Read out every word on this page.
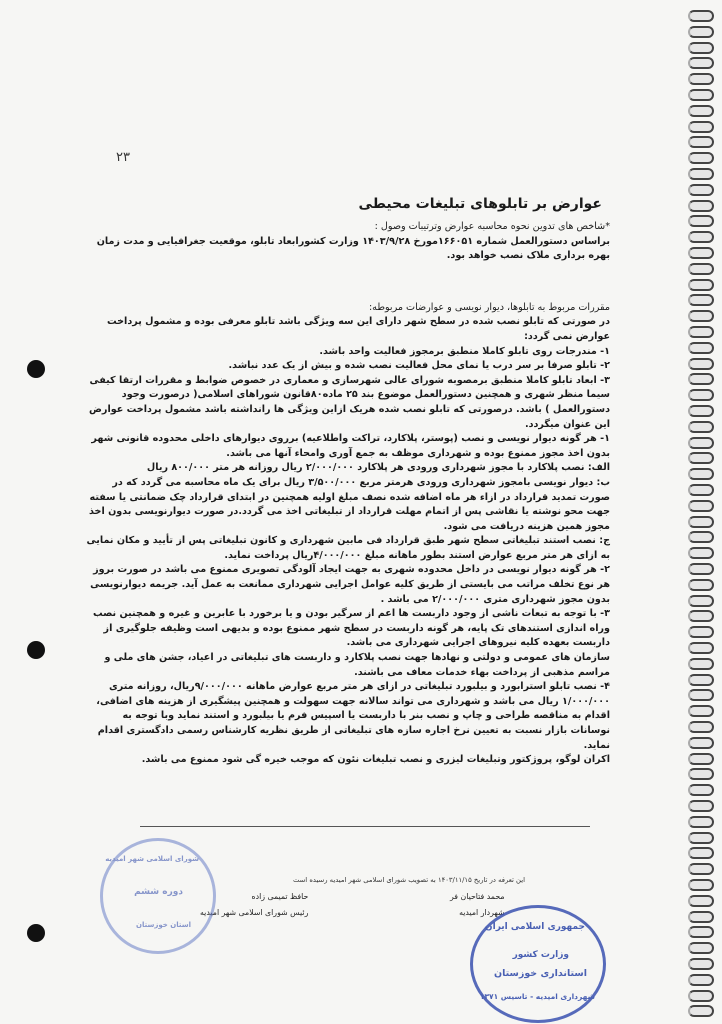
۲۳
عوارض بر تابلوهای تبلیغات محیطی

*شاخص های تدوین نحوه محاسبه عوارض وترتیبات وصول :

براساس دستورالعمل شماره ۱۶۶۰۵۱مورخ ۱۴۰۳/۹/۲۸ وزارت کشورابعاد تابلو، موقعیت جغرافیایی و مدت زمان بهره برداری ملاک نصب خواهد بود.

مقررات مربوط به تابلوها، دیوار نویسی و عوارضات مربوطه:

در صورتی که تابلو نصب شده در سطح شهر دارای این سه ویژگی باشد تابلو معرفی بوده و مشمول پرداخت عوارض نمی گردد:

۱- مندرجات روی تابلو کاملا منطبق برمجوز فعالیت واحد باشد.

۲- تابلو صرفا بر سر درب یا نمای محل فعالیت نصب شده و بیش از یک عدد نباشد.

۳- ابعاد تابلو کاملا منطبق برمصوبه شورای عالی شهرسازی و معماری در خصوص ضوابط و مقررات ارتقا کیفی سیما منظر شهری و همچنین دستورالعمل موضوع بند ۲۵ ماده۸۰قانون شوراهای اسلامی( درصورت وجود دستورالعمل ) باشد. درصورتی که تابلو نصب شده هریک ازاین ویژگی ها رانداشته باشد مشمول پرداخت عوارض این عنوان میگردد.

۱- هر گونه دیوار نویسی و نصب (پوستر، پلاکارد، تراکت واطلاعیه) برروی دیوارهای داخلی محدوده قانونی شهر بدون اخذ مجوز ممنوع بوده و شهرداری موظف به جمع آوری وامحاء آنها می باشد.

الف: نصب پلاکارد با مجوز شهرداری ورودی هر پلاکارد ۲/۰۰۰/۰۰۰ ریال روزانه هر متر ۸۰۰/۰۰۰ ریال

ب: دیوار نویسی بامجوز شهرداری ورودی هرمتر مربع ۳/۵۰۰/۰۰۰ ریال برای یک ماه محاسبه می گردد که در صورت تمدید قرارداد در ازاء هر ماه اضافه شده نصف مبلغ اولیه همچنین در ابتدای قرارداد چک ضمانتی یا سفته جهت محو نوشته یا نقاشی پس از اتمام مهلت قرارداد از تبلیغاتی اخذ می گردد.در صورت دیوارنویسی بدون اخذ مجوز همین هزینه دریافت می شود.

ج: نصب استند تبلیغاتی سطح شهر طبق قرارداد فی مابین شهرداری و کانون تبلیغاتی پس از تأیید و مکان نمایی به ازای هر متر مربع عوارض استند بطور ماهانه مبلغ ۴/۰۰۰/۰۰۰ریال پرداخت نماید.

۲- هر گونه دیوار نویسی در داخل محدوده شهری به جهت ایجاد آلودگی تصویری ممنوع می باشد در صورت بروز هر نوع تخلف مراتب می بایستی از طریق کلیه عوامل اجرایی شهرداری ممانعت به عمل آید. جریمه دیوارنویسی بدون مجوز شهرداری متری ۲/۰۰۰/۰۰۰ می باشد .

۳- با توجه به تبعات ناشی از وجود داربست ها اعم از سرگیر بودن و یا برخورد با عابرین و غیره و همچنین نصب وراه اندازی استندهای تک پایه، هر گونه داربست در سطح شهر ممنوع بوده و بدیهی است وظیفه جلوگیری از داربست بعهده کلیه نیروهای اجرایی شهرداری می باشد.

سازمان های عمومی و دولتی و نهادها جهت نصب پلاکارد و داربست های تبلیغاتی در اعیاد، جشن های ملی و مراسم مذهبی از پرداخت بهاء خدمات معاف می باشند.

۴- نصب تابلو استرابورد و بیلبورد تبلیغاتی در ازای هر متر مربع عوارض ماهانه ۹/۰۰۰/۰۰۰ریال، روزانه متری ۱/۰۰۰/۰۰۰ ریال می باشد و شهرداری می تواند سالانه جهت سهولت و همچنین پیشگیری از هزینه های اضافی، اقدام به مناقصه طراحی و چاپ و نصب بنر با داربست یا اسپیس فرم یا بیلبورد و استند نماید وبا توجه به نوسانات بازار نسبت به تعیین نرخ اجاره سازه های تبلیغاتی از طریق نظریه کارشناس رسمی دادگستری اقدام نماید.

اکران لوگو، پروژکتور وتبلیغات لیزری و نصب تبلیغات نئون که موجب خیره گی شود ممنوع می باشد.

این تعرفه در تاریخ ۱۴۰۳/۱۱/۱۵ به تصویب شورای اسلامی شهر امیدیه رسیده است
حافظ تمیمی زاده
رئیس شورای اسلامی شهر امیدیه
محمد فتاحیان فر
شهردار امیدیه
شورای اسلامی شهر امیدیه
دوره ششم
استان خوزستان	جمهوری اسلامی ایران
وزارت کشور
استانداری خوزستان
شهرداری امیدیه - تاسیس ۱۳۷۱
